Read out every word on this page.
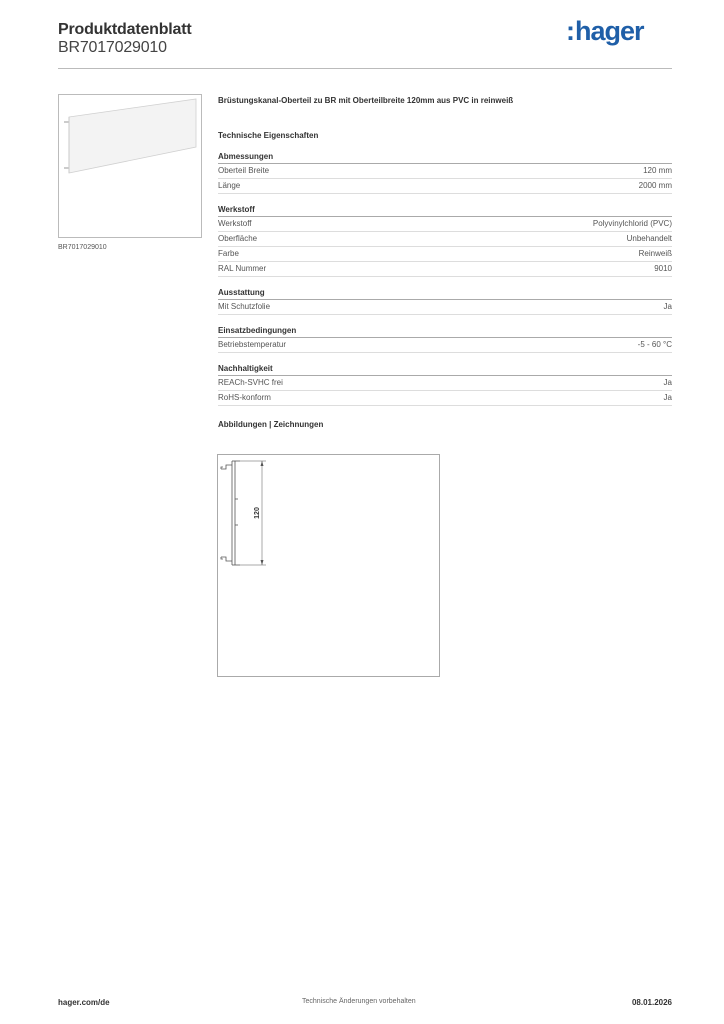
Produktdatenblatt
BR7017029010
:hager
BR7017029010
Brüstungskanal-Oberteil zu BR mit Oberteilbreite 120mm aus PVC in reinweiß
Technische Eigenschaften
Abmessungen
Oberteil Breite	120 mm
Länge	2000 mm
Werkstoff
Werkstoff	Polyvinylchlorid (PVC)
Oberfläche	Unbehandelt
Farbe	Reinweiß
RAL Nummer	9010
Ausstattung
Mit Schutzfolie	Ja
Einsatzbedingungen
Betriebstemperatur	-5 - 60 °C
Nachhaltigkeit
REACh-SVHC frei	Ja
RoHS-konform	Ja
Abbildungen | Zeichnungen
120
hager.com/de	Technische Änderungen vorbehalten	08.01.2026
